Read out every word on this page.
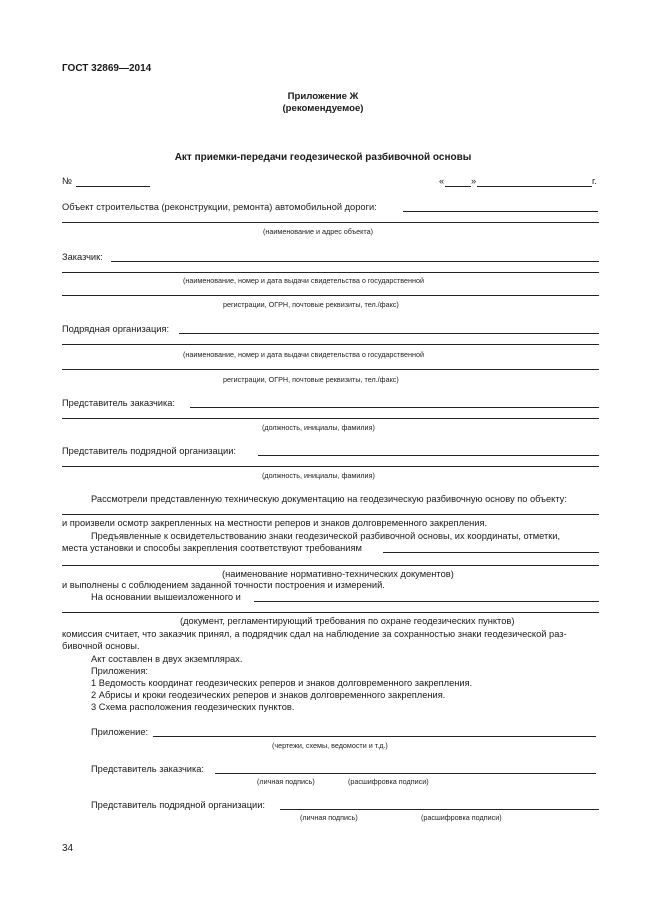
ГОСТ 32869—2014
Приложение Ж
(рекомендуемое)
Акт приемки-передачи геодезической разбивочной основы
№	«	»	г.
Объект строительства (реконструкции, ремонта) автомобильной дороги:
(наименование и адрес объекта)
Заказчик:
(наименование, номер и дата выдачи свидетельства о государственной
регистрации, ОГРН, почтовые реквизиты, тел./факс)
Подрядная организация:
(наименование, номер и дата выдачи свидетельства о государственной
регистрации, ОГРН, почтовые реквизиты, тел./факс)
Представитель заказчика:
(должность, инициалы, фамилия)
Представитель подрядной организации:
(должность, инициалы, фамилия)
Рассмотрели представленную техническую документацию на геодезическую разбивочную основу по объекту:
и произвели осмотр закрепленных на местности реперов и знаков долговременного закрепления.
Предъявленные к освидетельствованию знаки геодезической разбивочной основы, их координаты, отметки,
места установки и способы закрепления соответствуют требованиям
(наименование нормативно-технических документов)
и выполнены с соблюдением заданной точности построения и измерений.
На основании вышеизложенного и
(документ, регламентирующий требования по охране геодезических пунктов)
комиссия считает, что заказчик принял, а подрядчик сдал на наблюдение за сохранностью знаки геодезической раз-
бивочной основы.
Акт составлен в двух экземплярах.
Приложения:
1 Ведомость координат геодезических реперов и знаков долговременного закрепления.
2 Абрисы и кроки геодезических реперов и знаков долговременного закрепления.
3 Схема расположения геодезических пунктов.
Приложение:
(чертежи, схемы, ведомости и т.д.)
Представитель заказчика:
(личная подпись)	(расшифровка подписи)
Представитель подрядной организации:
(личная подпись)	(расшифровка подписи)
34
